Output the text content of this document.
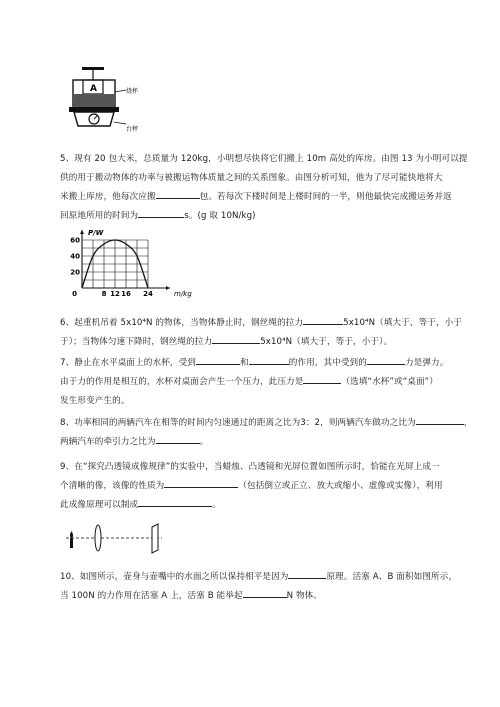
A	烧杯
台秤
5、现有 20 包大米，总质量为 120kg，小明想尽快将它们搬上 10m 高处的库房。由图 13 为小明可以提
供的用于搬动物体的功率与被搬运物体质量之间的关系图象。由图分析可知，他为了尽可能快地将大
米搬上库房，他每次应搬	包。若每次下楼时间是上楼时间的一半，则他最快完成搬运务并返
回原地所用的时间为	s。(g 取 10N/kg)
20
40
60
0	8 12 16 24
P/W
m/kg
6、起重机吊着 5x10⁴N 的物体，当物体静止时，钢丝绳的拉力	5x10⁴N（填大于，等于，小于
于）；当物体匀速下降时，钢丝绳的拉力	5x10⁴N（填大于，等于，小于）。
7、静止在水平桌面上的水杯，受到	和	的作用，其中受到的	力是弹力。
由于力的作用是相互的，水杯对桌面会产生一个压力，此压力是	（选填“水杯”或“桌面”）
发生形变产生的。
8、功率相同的两辆汽车在相等的时间内匀速通过的距离之比为3：2，则两辆汽车做功之比为	，
两辆汽车的牵引力之比为	。
9、在“探究凸透镜成像规律”的实验中，当蜡烛、凸透镜和光屏位置如图所示时，恰能在光屏上成一
个清晰的像，该像的性质为	（包括倒立或正立、放大或缩小、虚像或实像），利用
此成像原理可以制成	。
10、如图所示，壶身与壶嘴中的水面之所以保持相平是因为	原理。活塞 A、B 面积如图所示，
当 100N 的力作用在活塞 A 上，活塞 B 能举起	N 物体。
